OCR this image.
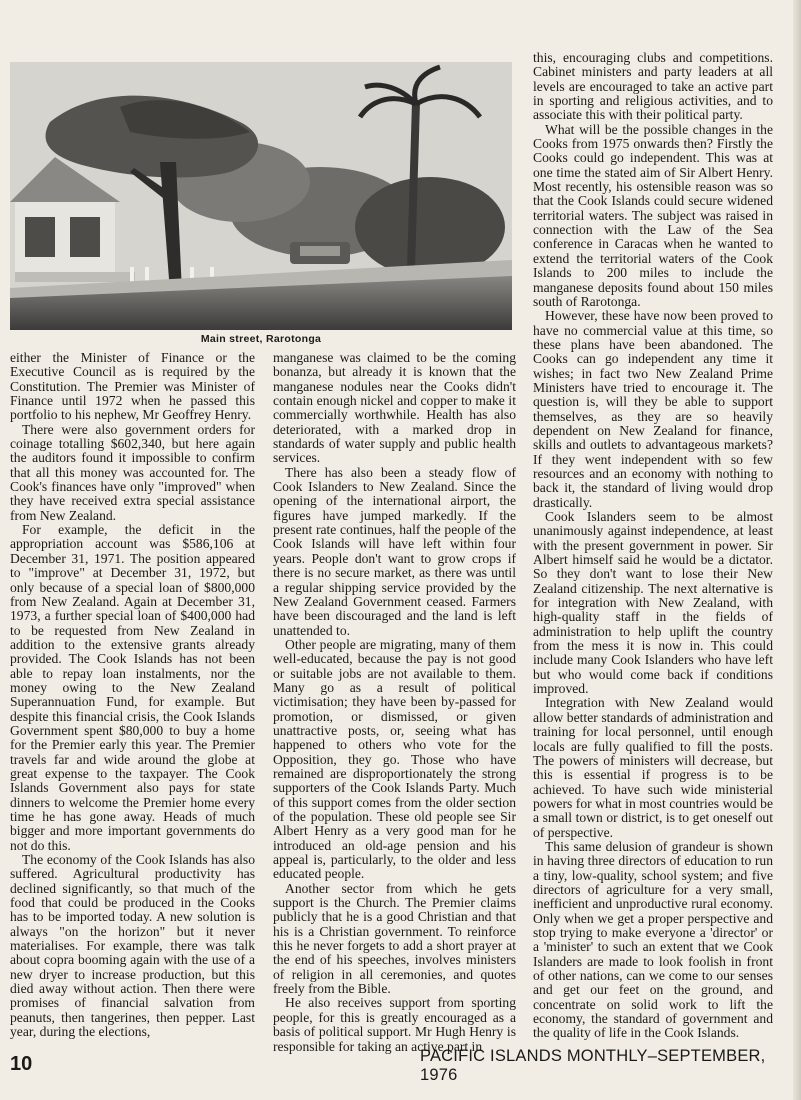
Main street, Rarotonga

either the Minister of Finance or the Executive Council as is required by the Constitution. The Premier was Minister of Finance until 1972 when he passed this portfolio to his nephew, Mr Geoffrey Henry.

There were also government orders for coinage totalling $602,340, but here again the auditors found it impossible to confirm that all this money was accounted for. The Cook's finances have only "improved" when they have received extra special assistance from New Zealand.

For example, the deficit in the appropriation account was $586,106 at December 31, 1971. The position appeared to "improve" at December 31, 1972, but only because of a special loan of $800,000 from New Zealand. Again at December 31, 1973, a further special loan of $400,000 had to be requested from New Zealand in addition to the extensive grants already provided. The Cook Islands has not been able to repay loan instalments, nor the money owing to the New Zealand Superannuation Fund, for example. But despite this financial crisis, the Cook Islands Government spent $80,000 to buy a home for the Premier early this year. The Premier travels far and wide around the globe at great expense to the taxpayer. The Cook Islands Government also pays for state dinners to welcome the Premier home every time he has gone away. Heads of much bigger and more important governments do not do this.

The economy of the Cook Islands has also suffered. Agricultural productivity has declined significantly, so that much of the food that could be produced in the Cooks has to be imported today. A new solution is always "on the horizon" but it never materialises. For example, there was talk about copra booming again with the use of a new dryer to increase production, but this died away without action. Then there were promises of financial salvation from peanuts, then tangerines, then pepper. Last year, during the elections,

manganese was claimed to be the coming bonanza, but already it is known that the manganese nodules near the Cooks didn't contain enough nickel and copper to make it commercially worthwhile. Health has also deteriorated, with a marked drop in standards of water supply and public health services.

There has also been a steady flow of Cook Islanders to New Zealand. Since the opening of the international airport, the figures have jumped markedly. If the present rate continues, half the people of the Cook Islands will have left within four years. People don't want to grow crops if there is no secure market, as there was until a regular shipping service provided by the New Zealand Government ceased. Farmers have been discouraged and the land is left unattended to.

Other people are migrating, many of them well-educated, because the pay is not good or suitable jobs are not available to them. Many go as a result of political victimisation; they have been by-passed for promotion, or dismissed, or given unattractive posts, or, seeing what has happened to others who vote for the Opposition, they go. Those who have remained are disproportionately the strong supporters of the Cook Islands Party. Much of this support comes from the older section of the population. These old people see Sir Albert Henry as a very good man for he introduced an old-age pension and his appeal is, particularly, to the older and less educated people.

Another sector from which he gets support is the Church. The Premier claims publicly that he is a good Christian and that his is a Christian government. To reinforce this he never forgets to add a short prayer at the end of his speeches, involves ministers of religion in all ceremonies, and quotes freely from the Bible.

He also receives support from sporting people, for this is greatly encouraged as a basis of political support. Mr Hugh Henry is responsible for taking an active part in

this, encouraging clubs and competitions. Cabinet ministers and party leaders at all levels are encouraged to take an active part in sporting and religious activities, and to associate this with their political party.

What will be the possible changes in the Cooks from 1975 onwards then? Firstly the Cooks could go independent. This was at one time the stated aim of Sir Albert Henry. Most recently, his ostensible reason was so that the Cook Islands could secure widened territorial waters. The subject was raised in connection with the Law of the Sea conference in Caracas when he wanted to extend the territorial waters of the Cook Islands to 200 miles to include the manganese deposits found about 150 miles south of Rarotonga.

However, these have now been proved to have no commercial value at this time, so these plans have been abandoned. The Cooks can go independent any time it wishes; in fact two New Zealand Prime Ministers have tried to encourage it. The question is, will they be able to support themselves, as they are so heavily dependent on New Zealand for finance, skills and outlets to advantageous markets? If they went independent with so few resources and an economy with nothing to back it, the standard of living would drop drastically.

Cook Islanders seem to be almost unanimously against independence, at least with the present government in power. Sir Albert himself said he would be a dictator. So they don't want to lose their New Zealand citizenship. The next alternative is for integration with New Zealand, with high-quality staff in the fields of administration to help uplift the country from the mess it is now in. This could include many Cook Islanders who have left but who would come back if conditions improved.

Integration with New Zealand would allow better standards of administration and training for local personnel, until enough locals are fully qualified to fill the posts. The powers of ministers will decrease, but this is essential if progress is to be achieved. To have such wide ministerial powers for what in most countries would be a small town or district, is to get oneself out of perspective.

This same delusion of grandeur is shown in having three directors of education to run a tiny, low-quality, school system; and five directors of agriculture for a very small, inefficient and unproductive rural economy. Only when we get a proper perspective and stop trying to make everyone a 'director' or a 'minister' to such an extent that we Cook Islanders are made to look foolish in front of other nations, can we come to our senses and get our feet on the ground, and concentrate on solid work to lift the economy, the standard of government and the quality of life in the Cook Islands.

10	PACIFIC ISLANDS MONTHLY–SEPTEMBER, 1976
